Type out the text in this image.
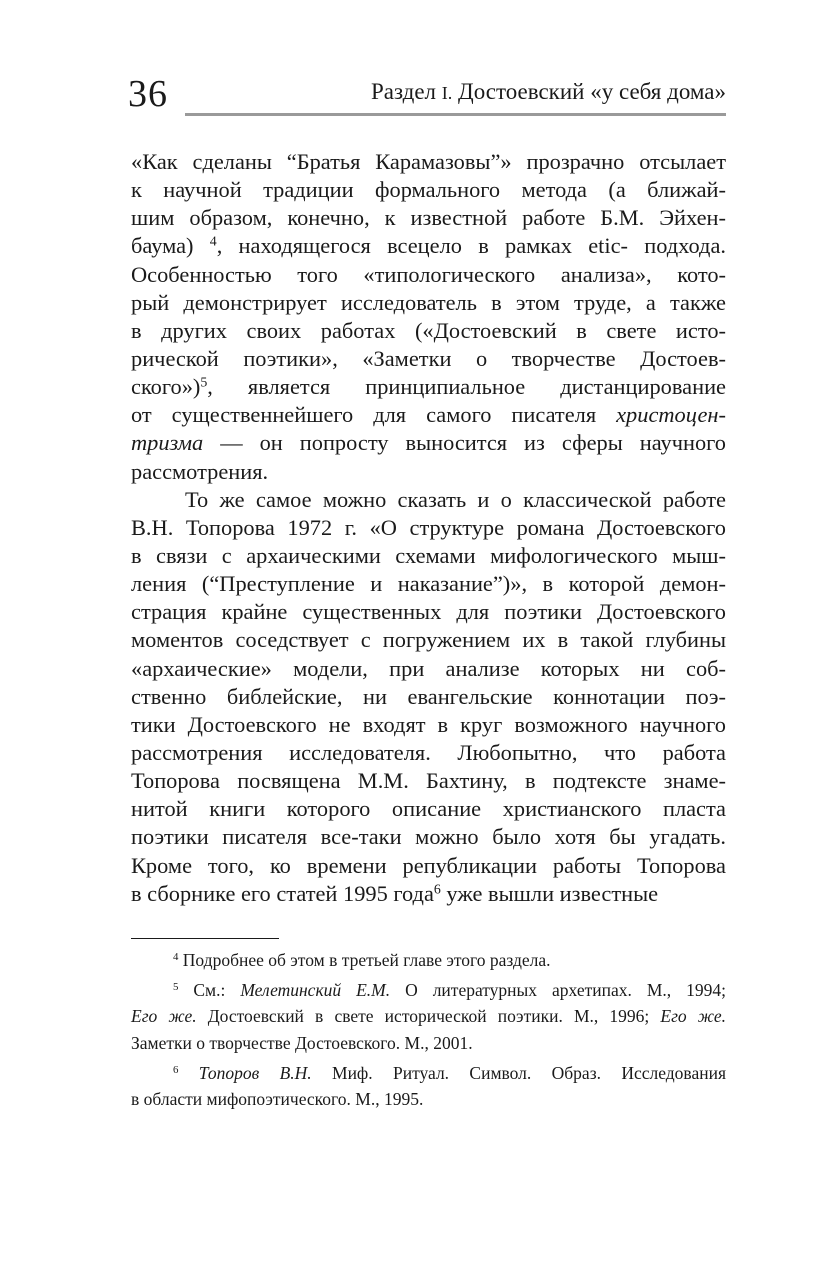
36	Раздел I. Достоевский «у себя дома»
«Как сделаны “Братья Карамазовы”» прозрачно отсылает
к научной традиции формального метода (а ближай-
шим образом, конечно, к известной работе Б.М. Эйхен-
баума) $^4$, находящегося всецело в рамках etic- подхода.
Особенностью того «типологического анализа», кото-
рый демонстрирует исследователь в этом труде, а также
в других своих работах («Достоевский в свете исто-
рической поэтики», «Заметки о творчестве Достоев-
ского»)$^5$, является принципиальное дистанцирование
от существеннейшего для самого писателя христоцен-
тризма — он попросту выносится из сферы научного
рассмотрения.
То же самое можно сказать и о классической работе
В.Н. Топорова 1972 г. «О структуре романа Достоевского
в связи с архаическими схемами мифологического мыш-
ления (“Преступление и наказание”)», в которой демон-
страция крайне существенных для поэтики Достоевского
моментов соседствует с погружением их в такой глубины
«архаические» модели, при анализе которых ни соб-
ственно библейские, ни евангельские коннотации поэ-
тики Достоевского не входят в круг возможного научного
рассмотрения исследователя. Любопытно, что работа
Топорова посвящена М.М. Бахтину, в подтексте знаме-
нитой книги которого описание христианского пласта
поэтики писателя все-таки можно было хотя бы угадать.
Кроме того, ко времени републикации работы Топорова
в сборнике его статей 1995 года$^6$ уже вышли известные
$^4$ Подробнее об этом в третьей главе этого раздела.
$^5$ См.: Мелетинский Е.М. О литературных архетипах. М., 1994;
Его же. Достоевский в свете исторической поэтики. М., 1996; Его же.
Заметки о творчестве Достоевского. М., 2001.
$^6$ Топоров В.Н. Миф. Ритуал. Символ. Образ. Исследования
в области мифопоэтического. М., 1995.
